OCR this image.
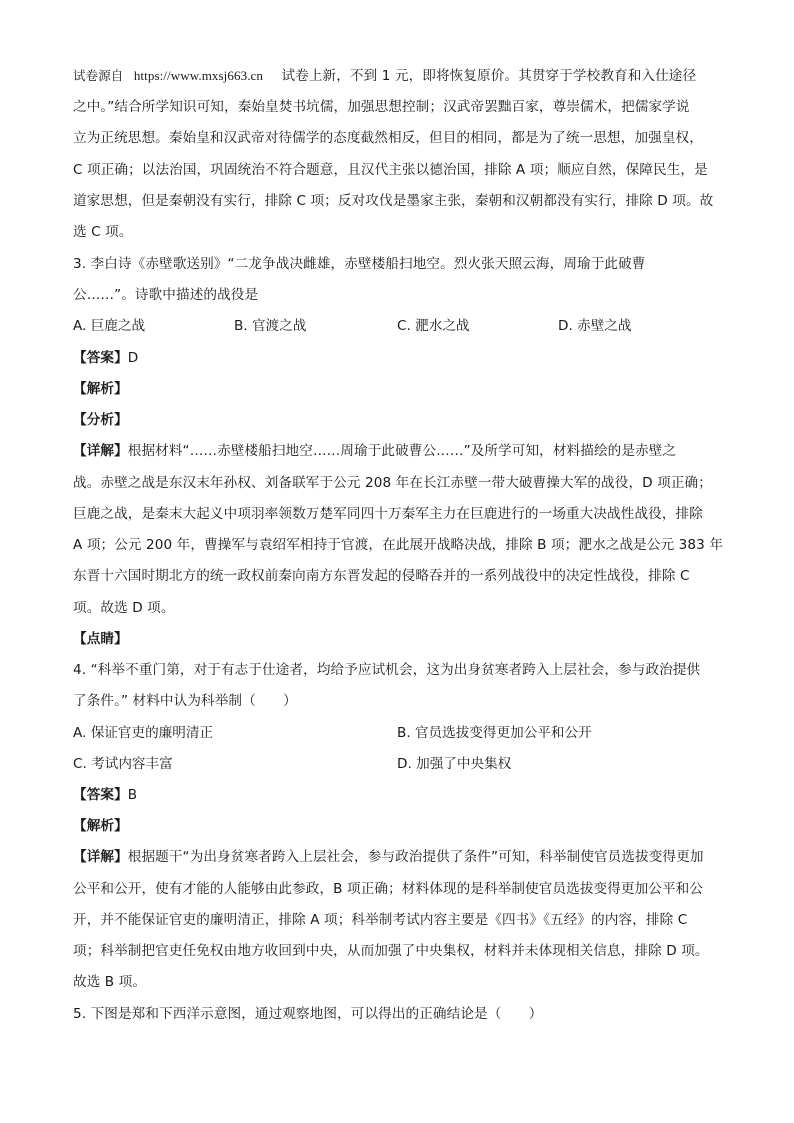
试卷源自 https://www.mxsj663.cn 试卷上新，不到 1 元，即将恢复原价。其贯穿于学校教育和入仕途径
之中。”结合所学知识可知，秦始皇焚书坑儒，加强思想控制；汉武帝罢黜百家，尊崇儒术，把儒家学说
立为正统思想。秦始皇和汉武帝对待儒学的态度截然相反，但目的相同，都是为了统一思想，加强皇权，
C 项正确；以法治国，巩固统治不符合题意，且汉代主张以德治国，排除 A 项；顺应自然，保障民生，是
道家思想，但是秦朝没有实行，排除 C 项；反对攻伐是墨家主张，秦朝和汉朝都没有实行，排除 D 项。故
选 C 项。
3. 李白诗《赤壁歌送别》“二龙争战决雌雄，赤壁楼船扫地空。烈火张天照云海，周瑜于此破曹
公……”。诗歌中描述的战役是
A. 巨鹿之战	B. 官渡之战	C. 淝水之战	D. 赤壁之战
【答案】D
【解析】
【分析】
【详解】根据材料“……赤壁楼船扫地空……周瑜于此破曹公……”及所学可知，材料描绘的是赤壁之
战。赤壁之战是东汉末年孙权、刘备联军于公元 208 年在长江赤壁一带大破曹操大军的战役，D 项正确；
巨鹿之战，是秦末大起义中项羽率领数万楚军同四十万秦军主力在巨鹿进行的一场重大决战性战役，排除
A 项；公元 200 年，曹操军与袁绍军相持于官渡，在此展开战略决战，排除 B 项；淝水之战是公元 383 年
东晋十六国时期北方的统一政权前秦向南方东晋发起的侵略吞并的一系列战役中的决定性战役，排除 C
项。故选 D 项。
【点睛】
4. “科举不重门第，对于有志于仕途者，均给予应试机会，这为出身贫寒者跨入上层社会，参与政治提供
了条件。” 材料中认为科举制（　　）
A. 保证官吏的廉明清正	B. 官员选拔变得更加公平和公开
C. 考试内容丰富	D. 加强了中央集权
【答案】B
【解析】
【详解】根据题干“为出身贫寒者跨入上层社会，参与政治提供了条件”可知，科举制使官员选拔变得更加
公平和公开，使有才能的人能够由此参政，B 项正确；材料体现的是科举制使官员选拔变得更加公平和公
开，并不能保证官吏的廉明清正，排除 A 项；科举制考试内容主要是《四书》《五经》的内容，排除 C
项；科举制把官吏任免权由地方收回到中央，从而加强了中央集权，材料并未体现相关信息，排除 D 项。
故选 B 项。
5. 下图是郑和下西洋示意图，通过观察地图，可以得出的正确结论是（　　）
